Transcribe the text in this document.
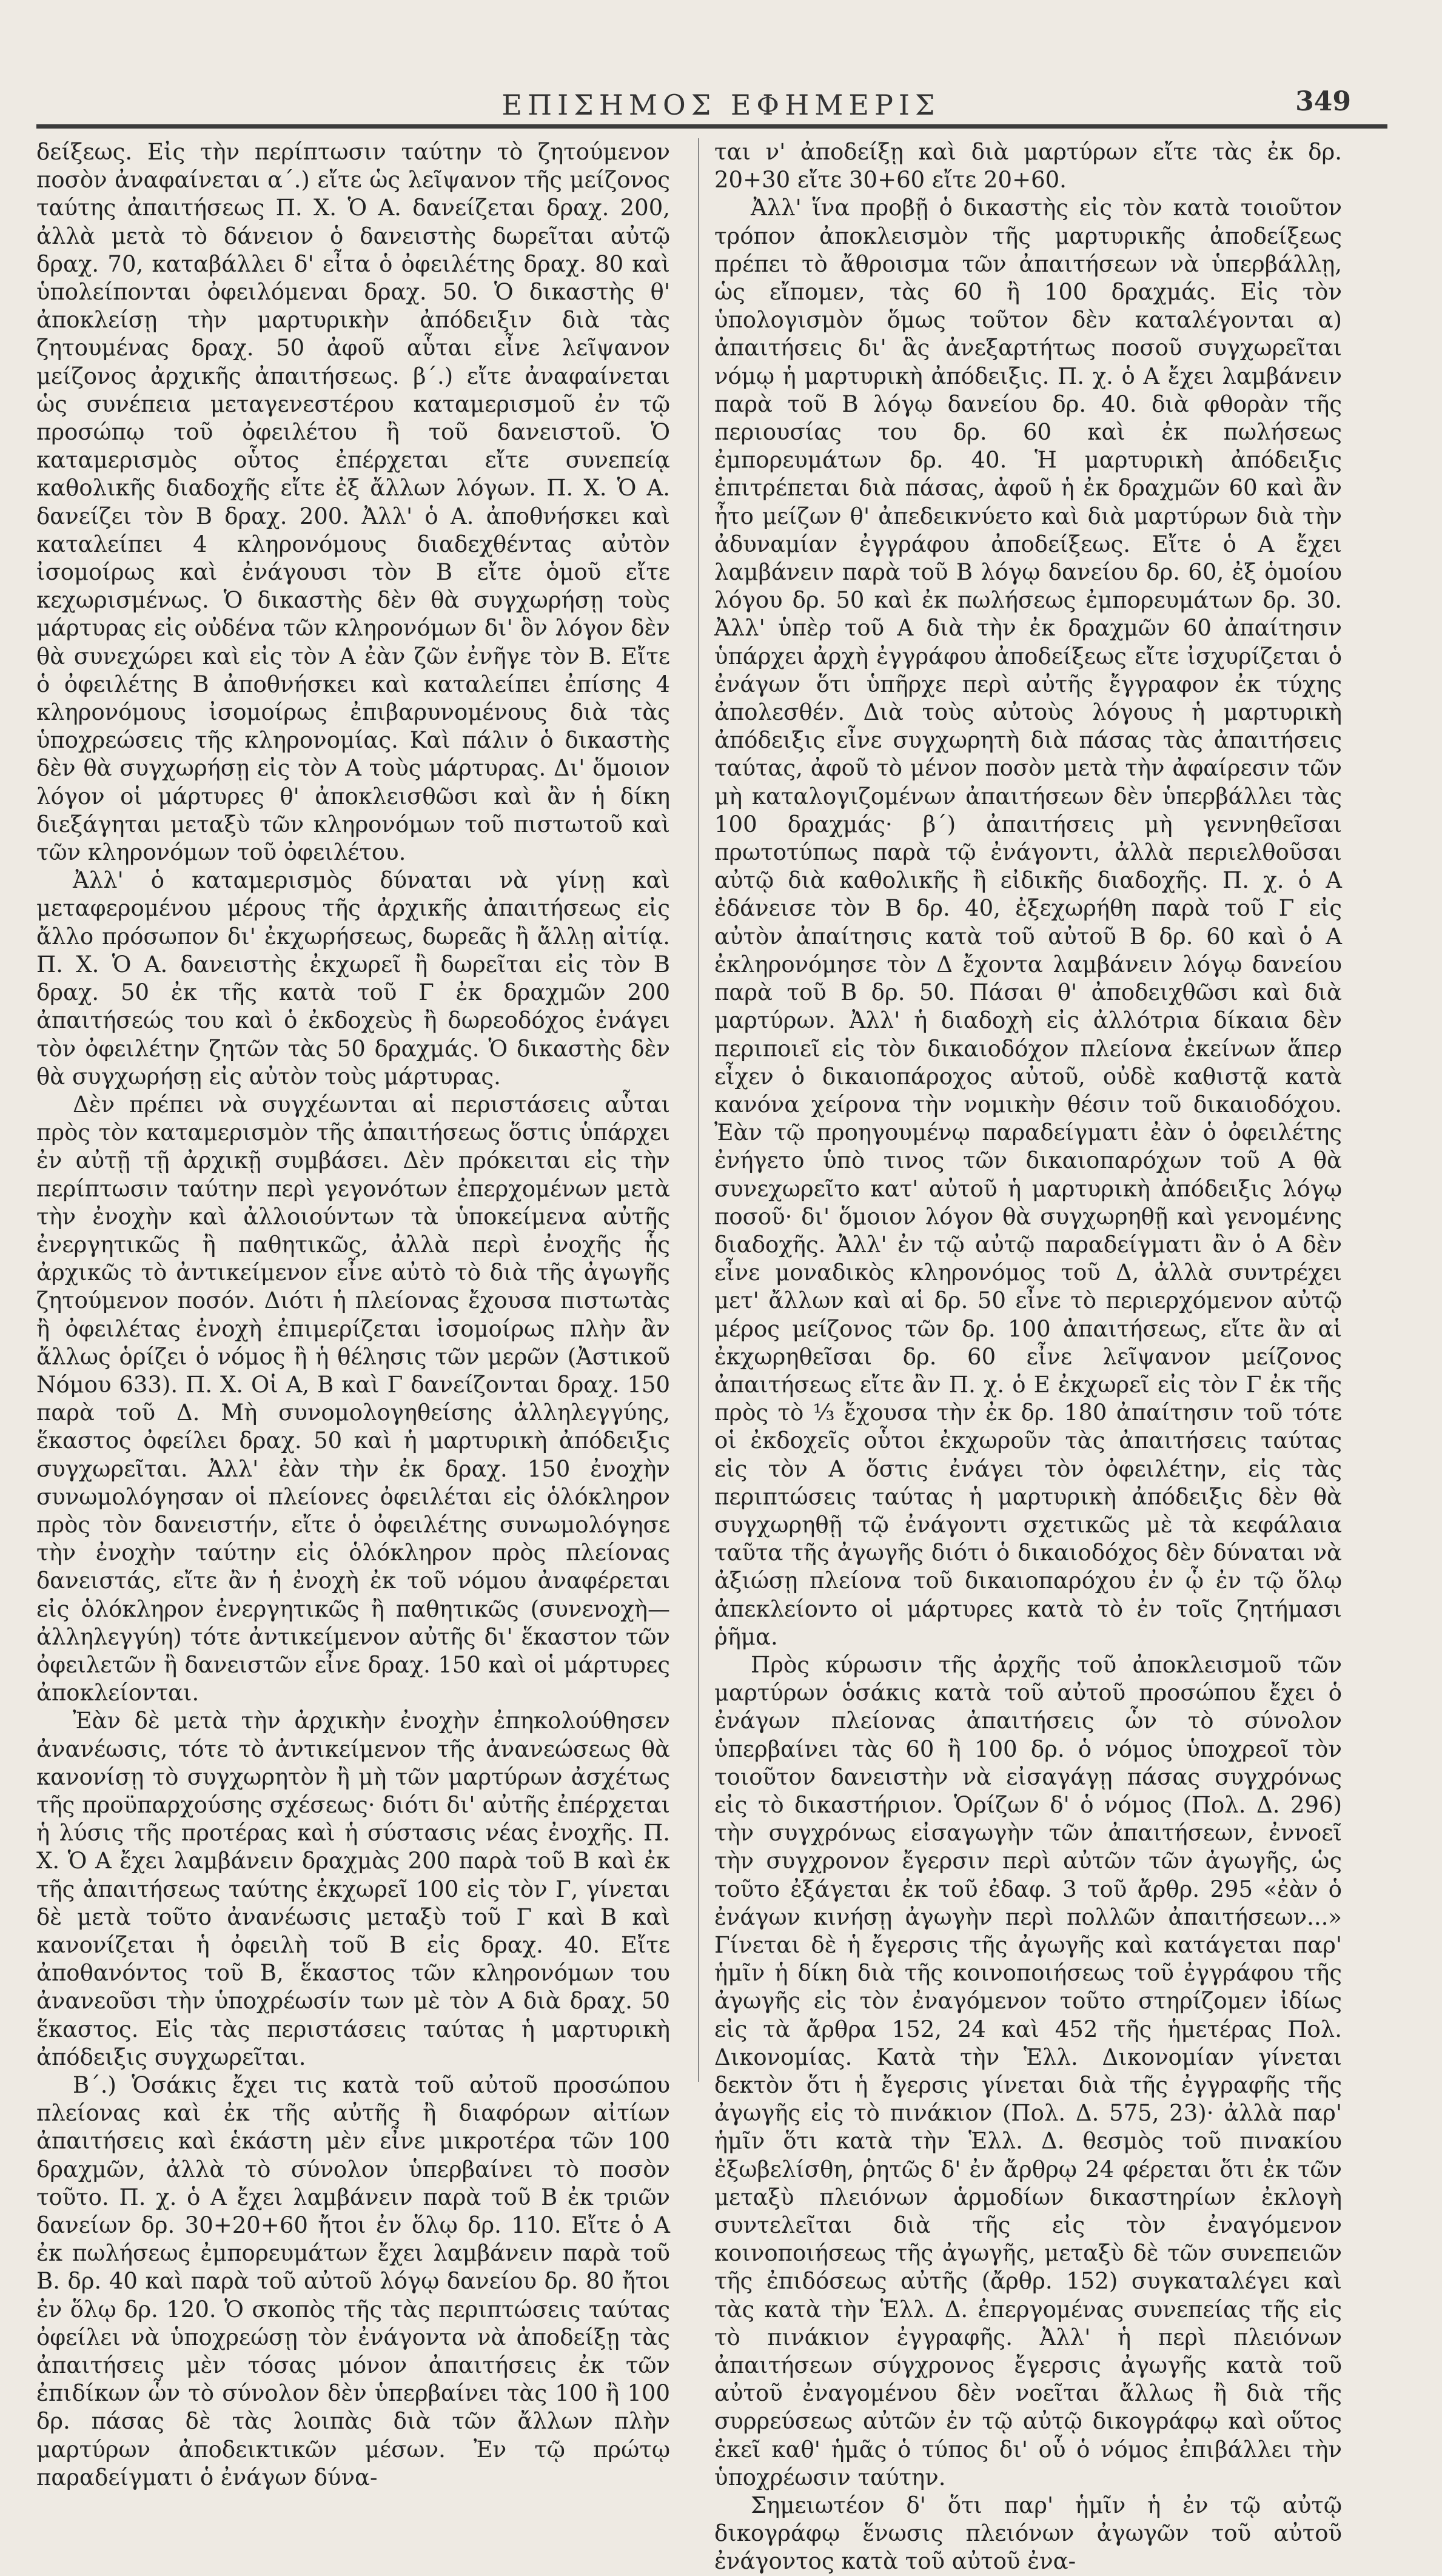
ΕΠΙΣΗΜΟΣ ΕΦΗΜΕΡΙΣ	349

δείξεως. Εἰς τὴν περίπτωσιν ταύτην τὸ ζητούμενον ποσὸν ἀναφαίνεται α΄.) εἴτε ὡς λεῖψανον τῆς μείζονος ταύτης ἀπαιτήσεως Π. Χ. Ὁ Α. δανείζεται δραχ. 200, ἀλλὰ μετὰ τὸ δάνειον ὁ δανειστὴς δωρεῖται αὐτῷ δραχ. 70, καταβάλλει δ' εἶτα ὁ ὀφειλέτης δραχ. 80 καὶ ὑπολείπονται ὀφειλόμεναι δραχ. 50. Ὁ δικαστὴς θ' ἀποκλείσῃ τὴν μαρτυρικὴν ἀπόδειξιν διὰ τὰς ζητουμένας δραχ. 50 ἀφοῦ αὗται εἶνε λεῖψανον μείζονος ἀρχικῆς ἀπαιτήσεως. β΄.) εἴτε ἀναφαίνεται ὡς συνέπεια μεταγενεστέρου καταμερισμοῦ ἐν τῷ προσώπῳ τοῦ ὀφειλέτου ἢ τοῦ δανειστοῦ. Ὁ καταμερισμὸς οὗτος ἐπέρχεται εἴτε συνεπείᾳ καθολικῆς διαδοχῆς εἴτε ἐξ ἄλλων λόγων. Π. Χ. Ὁ Α. δανείζει τὸν Β δραχ. 200. Ἀλλ' ὁ Α. ἀποθνήσκει καὶ καταλείπει 4 κληρονόμους διαδεχθέντας αὐτὸν ἰσομοίρως καὶ ἐνάγουσι τὸν Β εἴτε ὁμοῦ εἴτε κεχωρισμένως. Ὁ δικαστὴς δὲν θὰ συγχωρήσῃ τοὺς μάρτυρας εἰς οὐδένα τῶν κληρονόμων δι' ὃν λόγον δὲν θὰ συνεχώρει καὶ εἰς τὸν Α ἐὰν ζῶν ἐνῆγε τὸν Β. Εἴτε ὁ ὀφειλέτης Β ἀποθνήσκει καὶ καταλείπει ἐπίσης 4 κληρονόμους ἰσομοίρως ἐπιβαρυνομένους διὰ τὰς ὑποχρεώσεις τῆς κληρονομίας. Καὶ πάλιν ὁ δικαστὴς δὲν θὰ συγχωρήσῃ εἰς τὸν Α τοὺς μάρτυρας. Δι' ὅμοιον λόγον οἱ μάρτυρες θ' ἀποκλεισθῶσι καὶ ἂν ἡ δίκη διεξάγηται μεταξὺ τῶν κληρονόμων τοῦ πιστωτοῦ καὶ τῶν κληρονόμων τοῦ ὀφειλέτου.

Ἀλλ' ὁ καταμερισμὸς δύναται νὰ γίνῃ καὶ μεταφερομένου μέρους τῆς ἀρχικῆς ἀπαιτήσεως εἰς ἄλλο πρόσωπον δι' ἐκχωρήσεως, δωρεᾶς ἢ ἄλλῃ αἰτίᾳ. Π. Χ. Ὁ Α. δανειστὴς ἐκχωρεῖ ἢ δωρεῖται εἰς τὸν Β δραχ. 50 ἐκ τῆς κατὰ τοῦ Γ ἐκ δραχμῶν 200 ἀπαιτήσεώς του καὶ ὁ ἐκδοχεὺς ἢ δωρεοδόχος ἐνάγει τὸν ὀφειλέτην ζητῶν τὰς 50 δραχμάς. Ὁ δικαστὴς δὲν θὰ συγχωρήσῃ εἰς αὐτὸν τοὺς μάρτυρας.

Δὲν πρέπει νὰ συγχέωνται αἱ περιστάσεις αὗται πρὸς τὸν καταμερισμὸν τῆς ἀπαιτήσεως ὅστις ὑπάρχει ἐν αὐτῇ τῇ ἀρχικῇ συμβάσει. Δὲν πρόκειται εἰς τὴν περίπτωσιν ταύτην περὶ γεγονότων ἐπερχομένων μετὰ τὴν ἐνοχὴν καὶ ἀλλοιούντων τὰ ὑποκείμενα αὐτῆς ἐνεργητικῶς ἢ παθητικῶς, ἀλλὰ περὶ ἐνοχῆς ἧς ἀρχικῶς τὸ ἀντικείμενον εἶνε αὐτὸ τὸ διὰ τῆς ἀγωγῆς ζητούμενον ποσόν. Διότι ἡ πλείονας ἔχουσα πιστωτὰς ἢ ὀφειλέτας ἐνοχὴ ἐπιμερίζεται ἰσομοίρως πλὴν ἂν ἄλλως ὁρίζει ὁ νόμος ἢ ἡ θέλησις τῶν μερῶν (Ἀστικοῦ Νόμου 633). Π. Χ. Οἱ Α, Β καὶ Γ δανείζονται δραχ. 150 παρὰ τοῦ Δ. Μὴ συνομολογηθείσης ἀλληλεγγύης, ἕκαστος ὀφείλει δραχ. 50 καὶ ἡ μαρτυρικὴ ἀπόδειξις συγχωρεῖται. Ἀλλ' ἐὰν τὴν ἐκ δραχ. 150 ἐνοχὴν συνωμολόγησαν οἱ πλείονες ὀφειλέται εἰς ὁλόκληρον πρὸς τὸν δανειστήν, εἴτε ὁ ὀφειλέτης συνωμολόγησε τὴν ἐνοχὴν ταύτην εἰς ὁλόκληρον πρὸς πλείονας δανειστάς, εἴτε ἂν ἡ ἐνοχὴ ἐκ τοῦ νόμου ἀναφέρεται εἰς ὁλόκληρον ἐνεργητικῶς ἢ παθητικῶς (συνενοχὴ—ἀλληλεγγύη) τότε ἀντικείμενον αὐτῆς δι' ἕκαστον τῶν ὀφειλετῶν ἢ δανειστῶν εἶνε δραχ. 150 καὶ οἱ μάρτυρες ἀποκλείονται.

Ἐὰν δὲ μετὰ τὴν ἀρχικὴν ἐνοχὴν ἐπηκολούθησεν ἀνανέωσις, τότε τὸ ἀντικείμενον τῆς ἀνανεώσεως θὰ κανονίσῃ τὸ συγχωρητὸν ἢ μὴ τῶν μαρτύρων ἀσχέτως τῆς προϋπαρχούσης σχέσεως· διότι δι' αὐτῆς ἐπέρχεται ἡ λύσις τῆς προτέρας καὶ ἡ σύστασις νέας ἐνοχῆς. Π. Χ. Ὁ Α ἔχει λαμβάνειν δραχμὰς 200 παρὰ τοῦ Β καὶ ἐκ τῆς ἀπαιτήσεως ταύτης ἐκχωρεῖ 100 εἰς τὸν Γ, γίνεται δὲ μετὰ τοῦτο ἀνανέωσις μεταξὺ τοῦ Γ καὶ Β καὶ κανονίζεται ἡ ὀφειλὴ τοῦ Β εἰς δραχ. 40. Εἴτε ἀποθανόντος τοῦ Β, ἕκαστος τῶν κληρονόμων του ἀνανεοῦσι τὴν ὑποχρέωσίν των μὲ τὸν Α διὰ δραχ. 50 ἕκαστος. Εἰς τὰς περιστάσεις ταύτας ἡ μαρτυρικὴ ἀπόδειξις συγχωρεῖται.

Β΄.) Ὁσάκις ἔχει τις κατὰ τοῦ αὐτοῦ προσώπου πλείονας καὶ ἐκ τῆς αὐτῆς ἢ διαφόρων αἰτίων ἀπαιτήσεις καὶ ἑκάστη μὲν εἶνε μικροτέρα τῶν 100 δραχμῶν, ἀλλὰ τὸ σύνολον ὑπερβαίνει τὸ ποσὸν τοῦτο. Π. χ. ὁ Α ἔχει λαμβάνειν παρὰ τοῦ Β ἐκ τριῶν δανείων δρ. 30+20+60 ἤτοι ἐν ὅλῳ δρ. 110. Εἴτε ὁ Α ἐκ πωλήσεως ἐμπορευμάτων ἔχει λαμβάνειν παρὰ τοῦ Β. δρ. 40 καὶ παρὰ τοῦ αὐτοῦ λόγῳ δανείου δρ. 80 ἤτοι ἐν ὅλῳ δρ. 120. Ὁ σκοπὸς τῆς τὰς περιπτώσεις ταύτας ὀφείλει νὰ ὑποχρεώσῃ τὸν ἐνάγοντα νὰ ἀποδείξῃ τὰς ἀπαιτήσεις μὲν τόσας μόνον ἀπαιτήσεις ἐκ τῶν ἐπιδίκων ὧν τὸ σύνολον δὲν ὑπερβαίνει τὰς 100 ἢ 100 δρ. πάσας δὲ τὰς λοιπὰς διὰ τῶν ἄλλων πλὴν μαρτύρων ἀποδεικτικῶν μέσων. Ἐν τῷ πρώτῳ παραδείγματι ὁ ἐνάγων δύνα-

ται ν' ἀποδείξῃ καὶ διὰ μαρτύρων εἴτε τὰς ἐκ δρ. 20+30 εἴτε 30+60 εἴτε 20+60.

Ἀλλ' ἵνα προβῇ ὁ δικαστὴς εἰς τὸν κατὰ τοιοῦτον τρόπον ἀποκλεισμὸν τῆς μαρτυρικῆς ἀποδείξεως πρέπει τὸ ἄθροισμα τῶν ἀπαιτήσεων νὰ ὑπερβάλλῃ, ὡς εἴπομεν, τὰς 60 ἢ 100 δραχμάς. Εἰς τὸν ὑπολογισμὸν ὅμως τοῦτον δὲν καταλέγονται α) ἀπαιτήσεις δι' ἃς ἀνεξαρτήτως ποσοῦ συγχωρεῖται νόμῳ ἡ μαρτυρικὴ ἀπόδειξις. Π. χ. ὁ Α ἔχει λαμβάνειν παρὰ τοῦ Β λόγῳ δανείου δρ. 40. διὰ φθορὰν τῆς περιουσίας του δρ. 60 καὶ ἐκ πωλήσεως ἐμπορευμάτων δρ. 40. Ἡ μαρτυρικὴ ἀπόδειξις ἐπιτρέπεται διὰ πάσας, ἀφοῦ ἡ ἐκ δραχμῶν 60 καὶ ἂν ἦτο μείζων θ' ἀπεδεικνύετο καὶ διὰ μαρτύρων διὰ τὴν ἀδυναμίαν ἐγγράφου ἀποδείξεως. Εἴτε ὁ Α ἔχει λαμβάνειν παρὰ τοῦ Β λόγῳ δανείου δρ. 60, ἐξ ὁμοίου λόγου δρ. 50 καὶ ἐκ πωλήσεως ἐμπορευμάτων δρ. 30. Ἀλλ' ὑπὲρ τοῦ Α διὰ τὴν ἐκ δραχμῶν 60 ἀπαίτησιν ὑπάρχει ἀρχὴ ἐγγράφου ἀποδείξεως εἴτε ἰσχυρίζεται ὁ ἐνάγων ὅτι ὑπῆρχε περὶ αὐτῆς ἔγγραφον ἐκ τύχης ἀπολεσθέν. Διὰ τοὺς αὐτοὺς λόγους ἡ μαρτυρικὴ ἀπόδειξις εἶνε συγχωρητὴ διὰ πάσας τὰς ἀπαιτήσεις ταύτας, ἀφοῦ τὸ μένον ποσὸν μετὰ τὴν ἀφαίρεσιν τῶν μὴ καταλογιζομένων ἀπαιτήσεων δὲν ὑπερβάλλει τὰς 100 δραχμάς· β΄) ἀπαιτήσεις μὴ γεννηθεῖσαι πρωτοτύπως παρὰ τῷ ἐνάγοντι, ἀλλὰ περιελθοῦσαι αὐτῷ διὰ καθολικῆς ἢ εἰδικῆς διαδοχῆς. Π. χ. ὁ Α ἐδάνεισε τὸν Β δρ. 40, ἐξεχωρήθη παρὰ τοῦ Γ εἰς αὐτὸν ἀπαίτησις κατὰ τοῦ αὐτοῦ Β δρ. 60 καὶ ὁ Α ἐκληρονόμησε τὸν Δ ἔχοντα λαμβάνειν λόγῳ δανείου παρὰ τοῦ Β δρ. 50. Πάσαι θ' ἀποδειχθῶσι καὶ διὰ μαρτύρων. Ἀλλ' ἡ διαδοχὴ εἰς ἀλλότρια δίκαια δὲν περιποιεῖ εἰς τὸν δικαιοδόχον πλείονα ἐκείνων ἅπερ εἶχεν ὁ δικαιοπάροχος αὐτοῦ, οὐδὲ καθιστᾷ κατὰ κανόνα χείρονα τὴν νομικὴν θέσιν τοῦ δικαιοδόχου. Ἐὰν τῷ προηγουμένῳ παραδείγματι ἐὰν ὁ ὀφειλέτης ἐνήγετο ὑπὸ τινος τῶν δικαιοπαρόχων τοῦ Α θὰ συνεχωρεῖτο κατ' αὐτοῦ ἡ μαρτυρικὴ ἀπόδειξις λόγῳ ποσοῦ· δι' ὅμοιον λόγον θὰ συγχωρηθῇ καὶ γενομένης διαδοχῆς. Ἀλλ' ἐν τῷ αὐτῷ παραδείγματι ἂν ὁ Α δὲν εἶνε μοναδικὸς κληρονόμος τοῦ Δ, ἀλλὰ συντρέχει μετ' ἄλλων καὶ αἱ δρ. 50 εἶνε τὸ περιερχόμενον αὐτῷ μέρος μείζονος τῶν δρ. 100 ἀπαιτήσεως, εἴτε ἂν αἱ ἐκχωρηθεῖσαι δρ. 60 εἶνε λεῖψανον μείζονος ἀπαιτήσεως εἴτε ἂν Π. χ. ὁ Ε ἐκχωρεῖ εἰς τὸν Γ ἐκ τῆς πρὸς τὸ ⅓ ἔχουσα τὴν ἐκ δρ. 180 ἀπαίτησιν τοῦ τότε οἱ ἐκδοχεῖς οὗτοι ἐκχωροῦν τὰς ἀπαιτήσεις ταύτας εἰς τὸν Α ὅστις ἐνάγει τὸν ὀφειλέτην, εἰς τὰς περιπτώσεις ταύτας ἡ μαρτυρικὴ ἀπόδειξις δὲν θὰ συγχωρηθῇ τῷ ἐνάγοντι σχετικῶς μὲ τὰ κεφάλαια ταῦτα τῆς ἀγωγῆς διότι ὁ δικαιοδόχος δὲν δύναται νὰ ἀξιώσῃ πλείονα τοῦ δικαιοπαρόχου ἐν ᾧ ἐν τῷ ὅλῳ ἀπεκλείοντο οἱ μάρτυρες κατὰ τὸ ἐν τοῖς ζητήμασι ῥῆμα.

Πρὸς κύρωσιν τῆς ἀρχῆς τοῦ ἀποκλεισμοῦ τῶν μαρτύρων ὁσάκις κατὰ τοῦ αὐτοῦ προσώπου ἔχει ὁ ἐνάγων πλείονας ἀπαιτήσεις ὧν τὸ σύνολον ὑπερβαίνει τὰς 60 ἢ 100 δρ. ὁ νόμος ὑποχρεοῖ τὸν τοιοῦτον δανειστὴν νὰ εἰσαγάγῃ πάσας συγχρόνως εἰς τὸ δικαστήριον. Ὁρίζων δ' ὁ νόμος (Πολ. Δ. 296) τὴν συγχρόνως εἰσαγωγὴν τῶν ἀπαιτήσεων, ἐννοεῖ τὴν συγχρονον ἔγερσιν περὶ αὐτῶν τῶν ἀγωγῆς, ὡς τοῦτο ἐξάγεται ἐκ τοῦ ἐδαφ. 3 τοῦ ἄρθρ. 295 «ἐὰν ὁ ἐνάγων κινήσῃ ἀγωγὴν περὶ πολλῶν ἀπαιτήσεων...» Γίνεται δὲ ἡ ἔγερσις τῆς ἀγωγῆς καὶ κατάγεται παρ' ἡμῖν ἡ δίκη διὰ τῆς κοινοποιήσεως τοῦ ἐγγράφου τῆς ἀγωγῆς εἰς τὸν ἐναγόμενον τοῦτο στηρίζομεν ἰδίως εἰς τὰ ἄρθρα 152, 24 καὶ 452 τῆς ἡμετέρας Πολ. Δικονομίας. Κατὰ τὴν Ἑλλ. Δικονομίαν γίνεται δεκτὸν ὅτι ἡ ἔγερσις γίνεται διὰ τῆς ἐγγραφῆς τῆς ἀγωγῆς εἰς τὸ πινάκιον (Πολ. Δ. 575, 23)· ἀλλὰ παρ' ἡμῖν ὅτι κατὰ τὴν Ἑλλ. Δ. θεσμὸς τοῦ πινακίου ἐξωβελίσθη, ῥητῶς δ' ἐν ἄρθρῳ 24 φέρεται ὅτι ἐκ τῶν μεταξὺ πλειόνων ἁρμοδίων δικαστηρίων ἐκλογὴ συντελεῖται διὰ τῆς εἰς τὸν ἐναγόμενον κοινοποιήσεως τῆς ἀγωγῆς, μεταξὺ δὲ τῶν συνεπειῶν τῆς ἐπιδόσεως αὐτῆς (ἄρθρ. 152) συγκαταλέγει καὶ τὰς κατὰ τὴν Ἑλλ. Δ. ἐπεργομένας συνεπείας τῆς εἰς τὸ πινάκιον ἐγγραφῆς. Ἀλλ' ἡ περὶ πλειόνων ἀπαιτήσεων σύγχρονος ἔγερσις ἀγωγῆς κατὰ τοῦ αὐτοῦ ἐναγομένου δὲν νοεῖται ἄλλως ἢ διὰ τῆς συρρεύσεως αὐτῶν ἐν τῷ αὐτῷ δικογράφῳ καὶ οὕτος ἐκεῖ καθ' ἡμᾶς ὁ τύπος δι' οὗ ὁ νόμος ἐπιβάλλει τὴν ὑποχρέωσιν ταύτην.

Σημειωτέον δ' ὅτι παρ' ἡμῖν ἡ ἐν τῷ αὐτῷ δικογράφῳ ἕνωσις πλειόνων ἀγωγῶν τοῦ αὐτοῦ ἐνάγοντος κατὰ τοῦ αὐτοῦ ἐνα-
